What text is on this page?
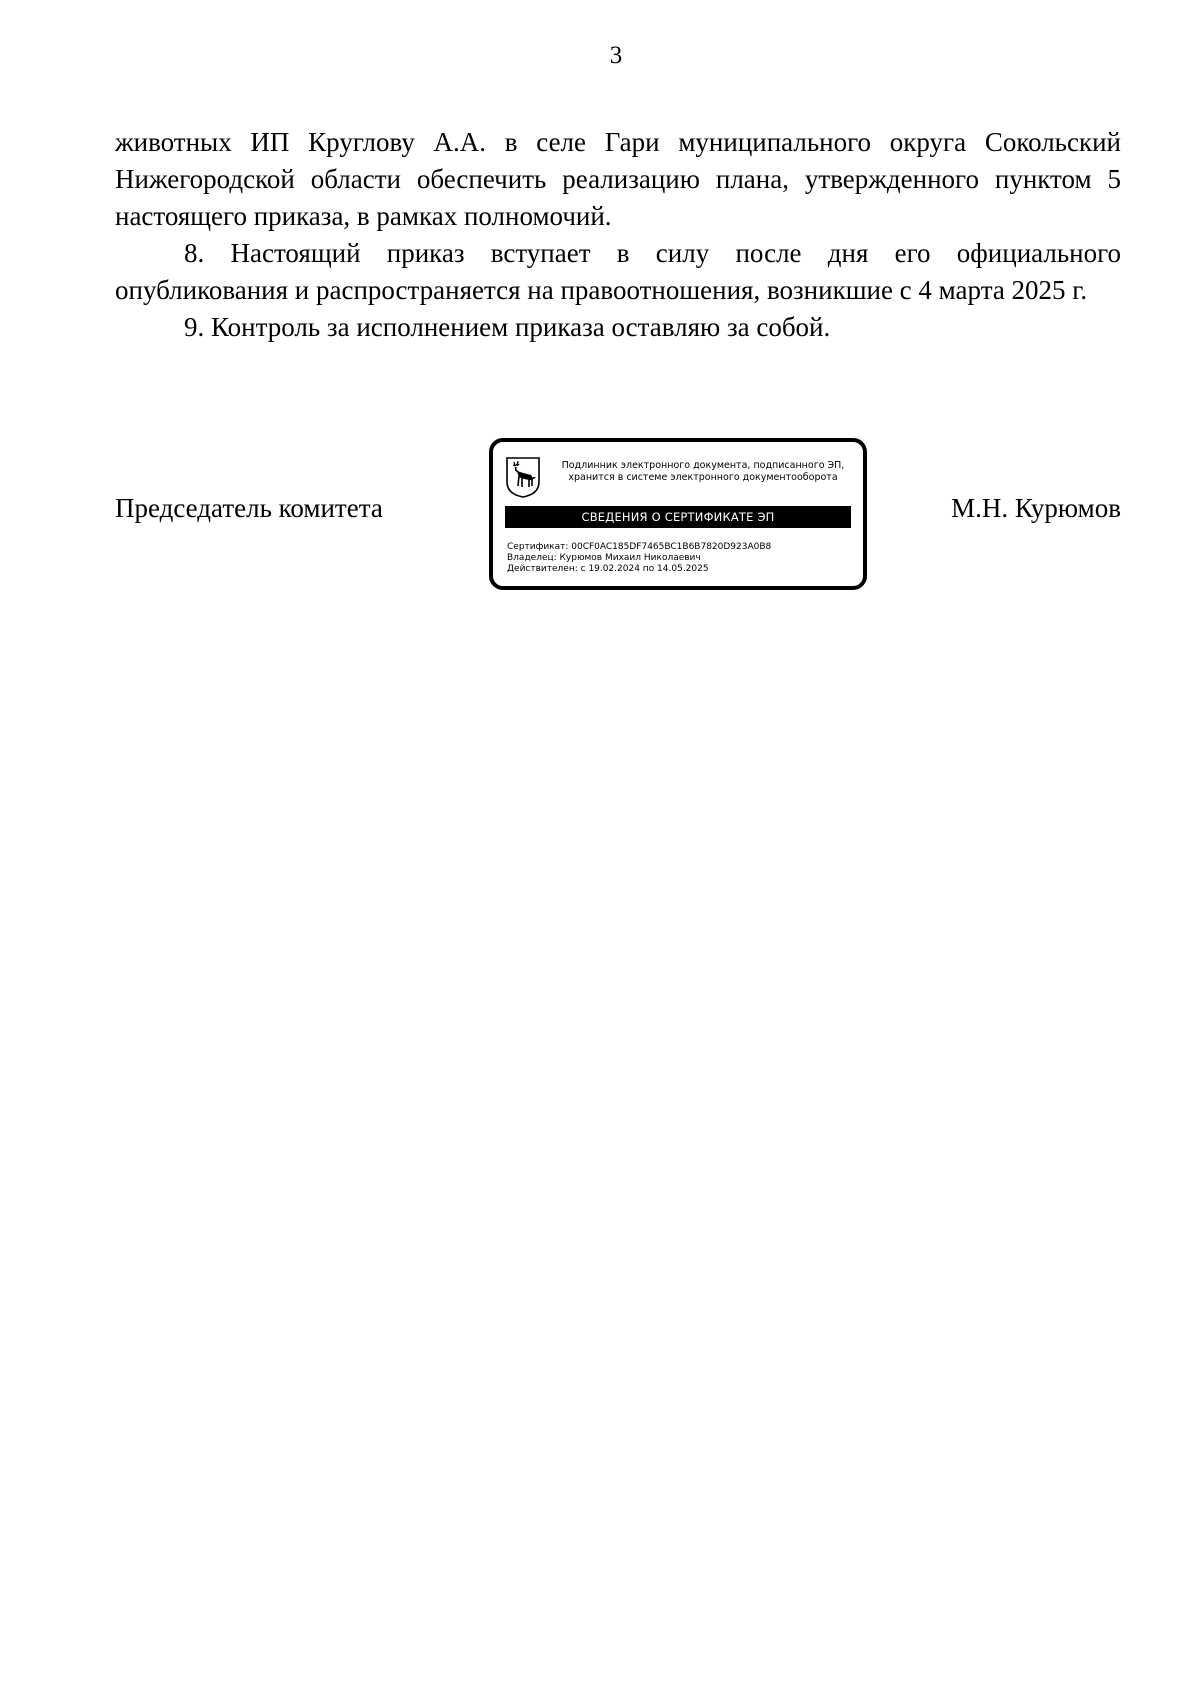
3

животных ИП Круглову А.А. в селе Гари муниципального округа Сокольский Нижегородской области обеспечить реализацию плана, утвержденного пунктом 5 настоящего приказа, в рамках полномочий.

8. Настоящий приказ вступает в силу после дня его официального опубликования и распространяется на правоотношения, возникшие с 4 марта 2025 г.

9. Контроль за исполнением приказа оставляю за собой.

Председатель комитета
Подлинник электронного документа, подписанного ЭП,
хранится в системе электронного документооборота
СВЕДЕНИЯ О СЕРТИФИКАТЕ ЭП
Сертификат: 00CF0AC185DF7465BC1B6B7820D923A0B8
Владелец: Курюмов Михаил Николаевич
Действителен: с 19.02.2024 по 14.05.2025
М.Н. Курюмов
